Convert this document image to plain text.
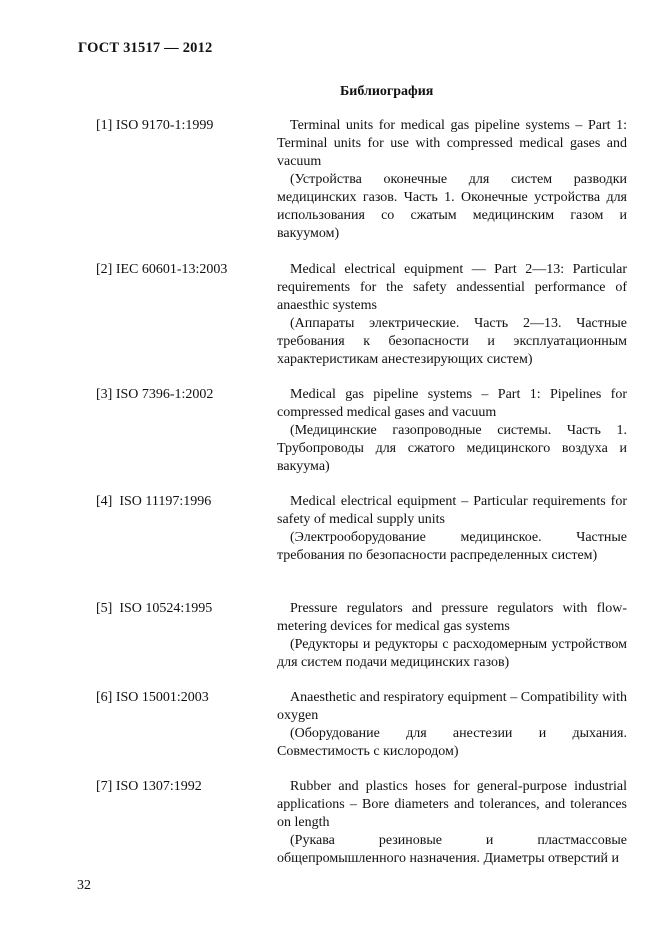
ГОСТ 31517 — 2012
Библиография
[1] ISO 9170-1:1999	Terminal units for medical gas pipeline systems – Part 1: Terminal units for use with compressed medical gases and vacuum

(Устройства оконечные для систем разводки медицинских газов. Часть 1. Оконечные устройства для использования со сжатым медицинским газом и вакуумом)

[2] IEC 60601-13:2003	Medical electrical equipment — Part 2—13: Particular requirements for the safety andessential performance of anaesthic systems

(Аппараты электрические. Часть 2—13. Частные требования к безопасности и эксплуатационным характеристикам анестезирующих систем)

[3] ISO 7396-1:2002	Medical gas pipeline systems – Part 1: Pipelines for compressed medical gases and vacuum

(Медицинские газопроводные системы. Часть 1. Трубопроводы для сжатого медицинского воздуха и вакуума)

[4]  ISO 11197:1996	Medical electrical equipment – Particular requirements for safety of medical supply units

(Электрооборудование медицинское. Частные требования по безопасности распределенных систем)

[5]  ISO 10524:1995	Pressure regulators and pressure regulators with flow-metering devices for medical gas systems

(Редукторы и редукторы с расходомерным устройством для систем подачи медицинских газов)

[6] ISO 15001:2003	Anaesthetic and respiratory equipment – Compatibility with oxygen

(Оборудование для анестезии и дыхания. Совместимость с кислородом)

[7] ISO 1307:1992	Rubber and plastics hoses for general-purpose industrial applications – Bore diameters and tolerances, and tolerances on length

(Рукава резиновые и пластмассовые общепромышленного назначения. Диаметры отверстий и

32
